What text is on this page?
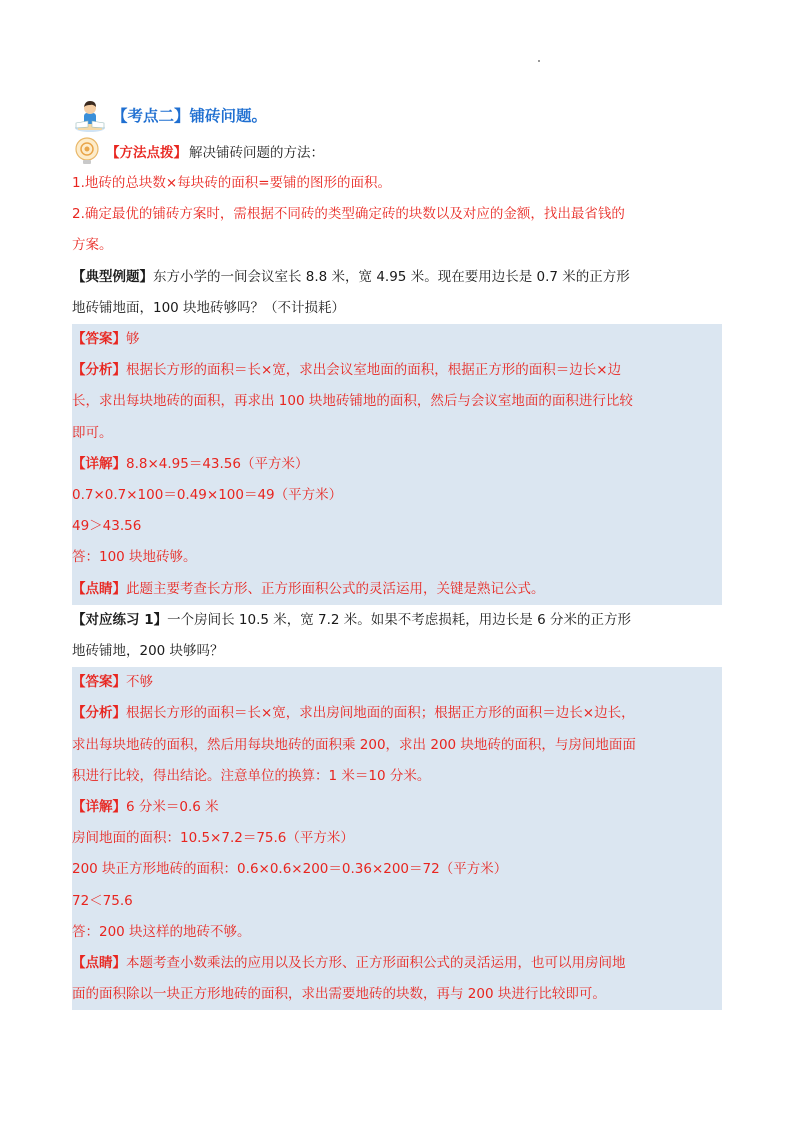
【考点二】铺砖问题。
【方法点拨】 解决铺砖问题的方法：
1.地砖的总块数×每块砖的面积=要铺的图形的面积。
2.确定最优的铺砖方案时，需根据不同砖的类型确定砖的块数以及对应的金额，找出最省钱的
方案。
【典型例题】东方小学的一间会议室长 8.8 米，宽 4.95 米。现在要用边长是 0.7 米的正方形
地砖铺地面，100 块地砖够吗？（不计损耗）
【答案】够
【分析】根据长方形的面积＝长×宽，求出会议室地面的面积，根据正方形的面积＝边长×边
长，求出每块地砖的面积，再求出 100 块地砖铺地的面积，然后与会议室地面的面积进行比较
即可。
【详解】8.8×4.95＝43.56（平方米）
0.7×0.7×100＝0.49×100＝49（平方米）
49＞43.56
答：100 块地砖够。
【点睛】此题主要考查长方形、正方形面积公式的灵活运用，关键是熟记公式。
【对应练习 1】一个房间长 10.5 米，宽 7.2 米。如果不考虑损耗，用边长是 6 分米的正方形
地砖铺地，200 块够吗？
【答案】不够
【分析】根据长方形的面积＝长×宽，求出房间地面的面积；根据正方形的面积＝边长×边长，
求出每块地砖的面积，然后用每块地砖的面积乘 200，求出 200 块地砖的面积，与房间地面面
积进行比较，得出结论。注意单位的换算：1 米＝10 分米。
【详解】6 分米＝0.6 米
房间地面的面积：10.5×7.2＝75.6（平方米）
200 块正方形地砖的面积：0.6×0.6×200＝0.36×200＝72（平方米）
72＜75.6
答：200 块这样的地砖不够。
【点睛】本题考查小数乘法的应用以及长方形、正方形面积公式的灵活运用，也可以用房间地
面的面积除以一块正方形地砖的面积，求出需要地砖的块数，再与 200 块进行比较即可。
